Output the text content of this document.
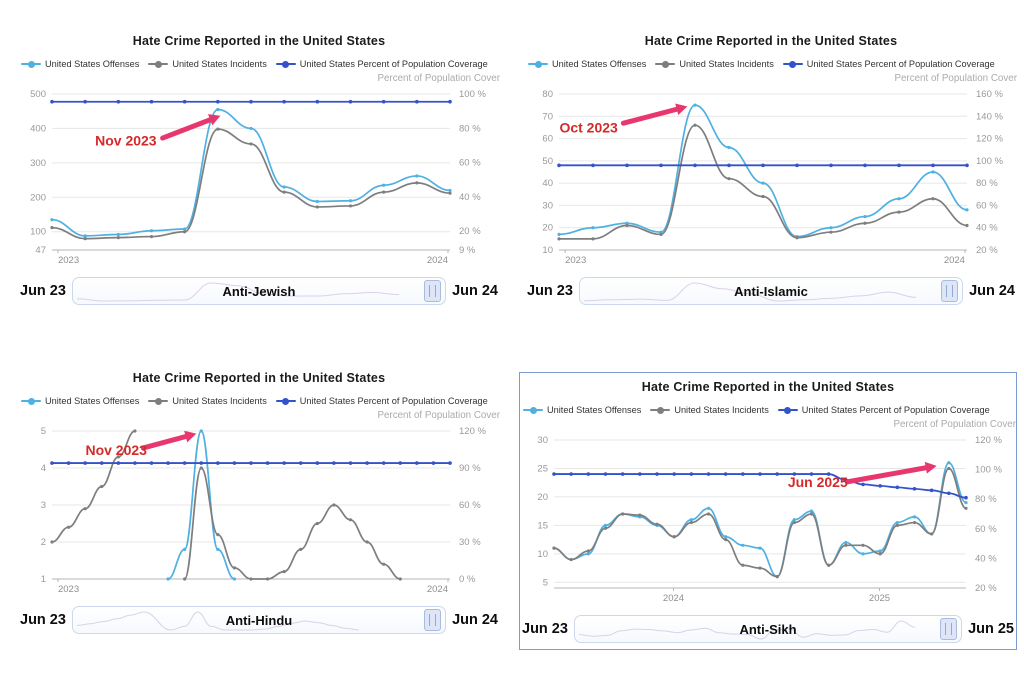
Hate Crime Reported in the United States
United States Offenses	United States Incidents	United States Percent of Population Coverage
Percent of Population Cover
500
400
300
200
100
47
100 %
80 %
60 %
40 %
20 %
9 %
2023	2024
Nov 2023
Jun 23	Anti-Jewish	Jun 24
Hate Crime Reported in the United States
United States Offenses	United States Incidents	United States Percent of Population Coverage
Percent of Population Cover
80
70
60
50
40
30
20
10
160 %
140 %
120 %
100 %
80 %
60 %
40 %
20 %
2023	2024
Oct 2023
Jun 23	Anti-Islamic	Jun 24
Hate Crime Reported in the United States
United States Offenses	United States Incidents	United States Percent of Population Coverage
Percent of Population Cover
5
4
3
2
1
120 %
90 %
60 %
30 %
0 %
2023	2024
Nov 2023
Jun 23	Anti-Hindu	Jun 24
Hate Crime Reported in the United States
United States Offenses	United States Incidents	United States Percent of Population Coverage
Percent of Population Cover
30
25
20
15
10
5
120 %
100 %
80 %
60 %
40 %
20 %
2024	2025
Jun 2025
Jun 23	Anti-Sikh	Jun 25
